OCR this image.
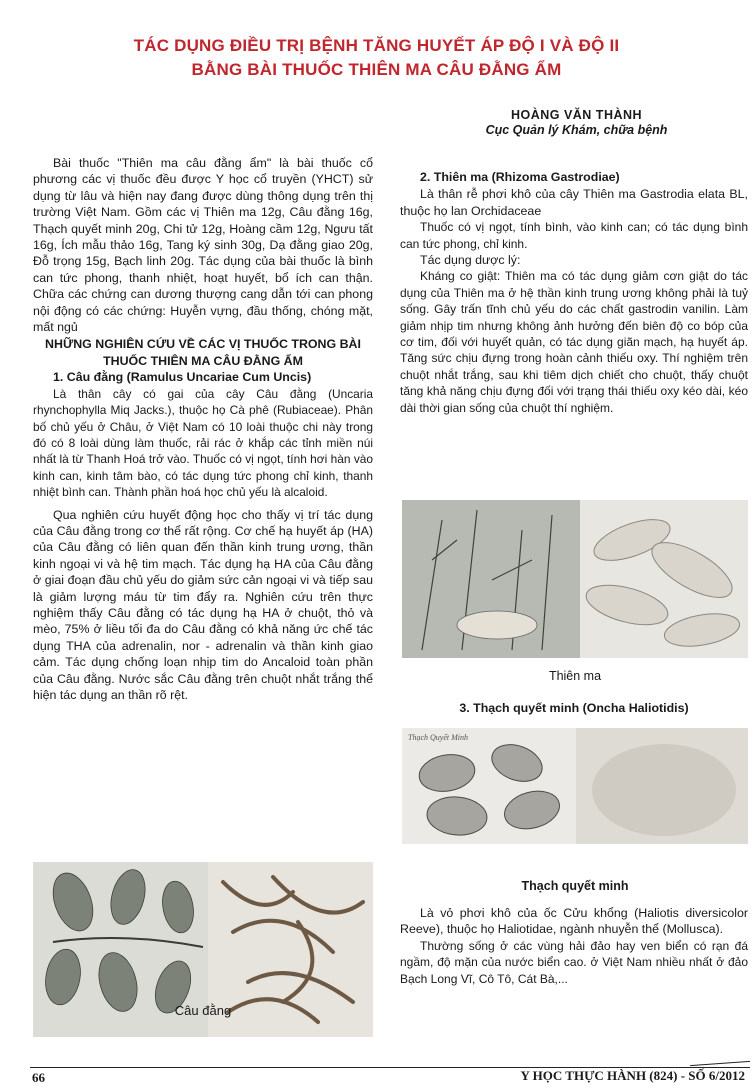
TÁC DỤNG ĐIỀU TRỊ BỆNH TĂNG HUYẾT ÁP ĐỘ I VÀ ĐỘ II
BẰNG BÀI THUỐC THIÊN MA CÂU ĐẰNG ẨM
HOÀNG VĂN THÀNH
Cục Quản lý Khám, chữa bệnh

Bài thuốc "Thiên ma câu đằng ẩm" là bài thuốc cổ phương các vị thuốc đều được Y học cổ truyền (YHCT) sử dụng từ lâu và hiện nay đang được dùng thông dụng trên thị trường Việt Nam. Gồm các vị Thiên ma 12g, Câu đằng 16g, Thạch quyết minh 20g, Chi tử 12g, Hoàng cầm 12g, Ngưu tất 16g, Ích mẫu thảo 16g, Tang ký sinh 30g, Dạ đằng giao 20g, Đỗ trọng 15g, Bạch linh 20g. Tác dụng của bài thuốc là bình can tức phong, thanh nhiệt, hoạt huyết, bổ ích can thận. Chữa các chứng can dương thượng cang dẫn tới can phong nội động có các chứng: Huyễn vựng, đầu thống, chóng mặt, mất ngủ

NHỮNG NGHIÊN CỨU VỀ CÁC VỊ THUỐC TRONG BÀI THUỐC THIÊN MA CÂU ĐẰNG ẨM

1. Câu đằng (Ramulus Uncariae Cum Uncis)

Là thân cây có gai của cây Câu đằng (Uncaria rhynchophylla Miq Jacks.), thuộc họ Cà phê (Rubiaceae). Phân bố chủ yếu ở Châu, ở Việt Nam có 10 loài thuộc chi này trong đó có 8 loài dùng làm thuốc, rải rác ở khắp các tỉnh miền núi nhất là từ Thanh Hoá trở vào. Thuốc có vị ngọt, tính hơi hàn vào kinh can, kinh tâm bào, có tác dụng tức phong chỉ kinh, thanh nhiệt bình can. Thành phần hoá học chủ yếu là alcaloid.

Qua nghiên cứu huyết động học cho thấy vị trí tác dụng của Câu đằng trong cơ thể rất rộng. Cơ chế hạ huyết áp (HA) của Câu đằng có liên quan đến thần kinh trung ương, thần kinh ngoại vi và hệ tim mạch. Tác dụng hạ HA của Câu đằng ở giai đoạn đầu chủ yếu do giảm sức cản ngoại vi và tiếp sau là giảm lượng máu từ tim đẩy ra. Nghiên cứu trên thực nghiệm thấy Câu đằng có tác dụng hạ HA ở chuột, thỏ và mèo, 75% ở liều tối đa do Câu đằng có khả năng ức chế tác dụng THA của adrenalin, nor - adrenalin và thần kinh giao cảm. Tác dụng chống loạn nhịp tim do Ancaloid toàn phần của Câu đằng. Nước sắc Câu đằng trên chuột nhắt trắng thể hiện tác dụng an thần rõ rệt.

Câu đằng

2. Thiên ma (Rhizoma Gastrodiae)

Là thân rễ phơi khô của cây Thiên ma Gastrodia elata BL, thuộc họ lan Orchidaceae

Thuốc có vị ngọt, tính bình, vào kinh can; có tác dụng bình can tức phong, chỉ kinh.

Tác dụng dược lý:

Kháng co giật: Thiên ma có tác dụng giảm cơn giật do tác dụng của Thiên ma ở hệ thần kinh trung ương không phải là tuỷ sống. Gây trấn tĩnh chủ yếu do các chất gastrodin vanilin. Làm giảm nhịp tim nhưng không ảnh hưởng đến biên độ co bóp của cơ tim, đối với huyết quản, có tác dụng giãn mạch, hạ huyết áp. Tăng sức chịu đựng trong hoàn cảnh thiếu oxy. Thí nghiệm trên chuột nhắt trắng, sau khi tiêm dịch chiết cho chuột, thấy chuột tăng khả năng chịu đựng đối với trạng thái thiếu oxy kéo dài, kéo dài thời gian sống của chuột thí nghiệm.

Thiên ma
3. Thạch quyết minh (Oncha Haliotidis)
Thạch Quyết Minh
Thạch quyết minh

Là vỏ phơi khô của ốc Cửu khổng (Haliotis diversicolor Reeve), thuộc họ Haliotidae, ngành nhuyễn thể (Mollusca).

Thường sống ở các vùng hải đảo hay ven biển có rạn đá ngầm, độ mặn của nước biển cao. ở Việt Nam nhiều nhất ở đảo Bạch Long Vĩ, Cô Tô, Cát Bà,...

66	Y HỌC THỰC HÀNH (824) - SỐ 6/2012
